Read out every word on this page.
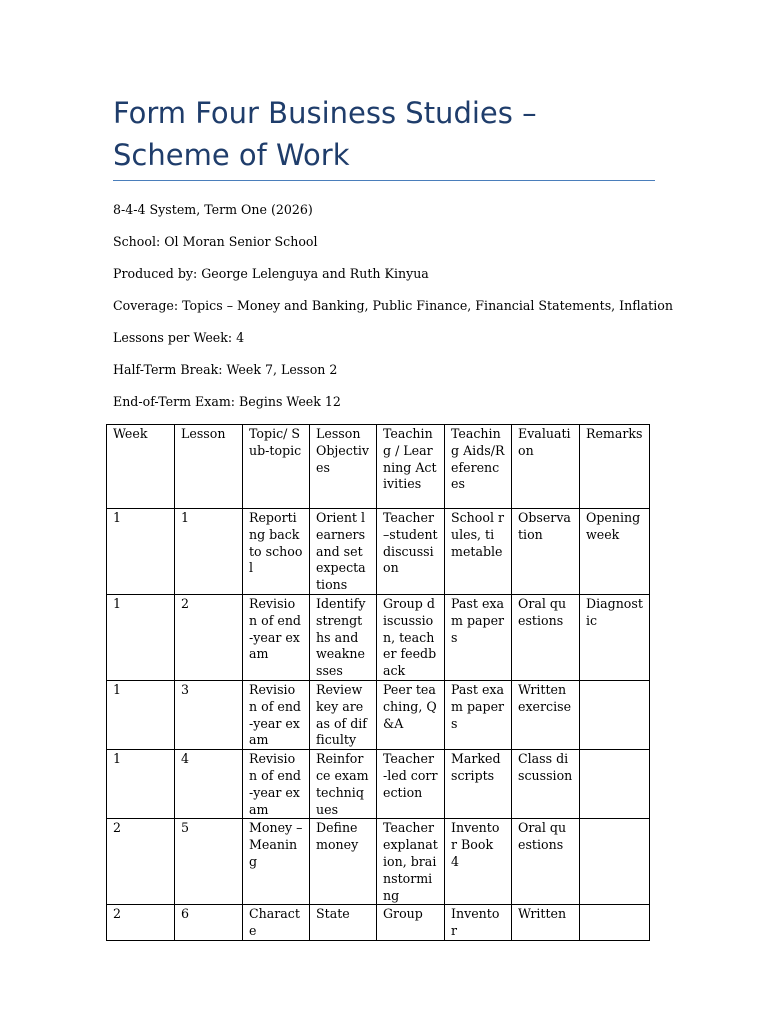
Form Four Business Studies – Scheme of Work

8-4-4 System, Term One (2026)

School: Ol Moran Senior School

Produced by: George Lelenguya and Ruth Kinyua

Coverage: Topics – Money and Banking, Public Finance, Financial Statements, Inflation

Lessons per Week: 4

Half-Term Break: Week 7, Lesson 2

End-of-Term Exam: Begins Week 12

Week	Lesson	Topic/ Sub-topic	Lesson Objectives	Teaching / Learning Activities	Teaching Aids/References	Evaluation	Remarks
1	1	Reporting back to school	Orient learners and set expectations	Teacher –student discussion	School rules, timetable	Observation	Opening week
1	2	Revision of end-year exam	Identify strengths and weaknesses	Group discussion, teacher feedback	Past exam papers	Oral questions	Diagnostic
1	3	Revision of end-year exam	Review key areas of difficulty	Peer teaching, Q&A	Past exam papers	Written exercise	
1	4	Revision of end-year exam	Reinforce exam techniques	Teacher-led correction	Marked scripts	Class discussion	
2	5	Money – Meaning	Define money	Teacher explanation, brainstorming	Inventor Book 4	Oral questions	
2	6	Characte	State	Group	Inventor	Written	
